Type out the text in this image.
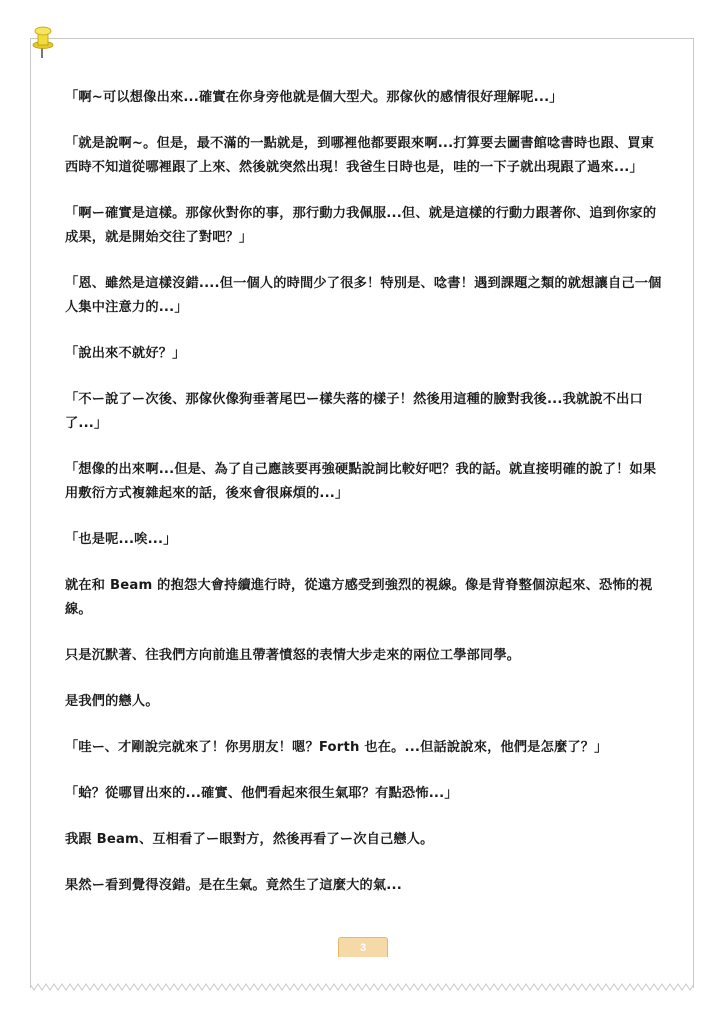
「啊~可以想像出來...確實在你身旁他就是個大型犬。那傢伙的感情很好理解呢...」

「就是說啊~。但是，最不滿的一點就是，到哪裡他都要跟來啊...打算要去圖書館唸書時也跟、買東西時不知道從哪裡跟了上來、然後就突然出現！我爸生日時也是，哇的一下子就出現跟了過來...」

「啊ー確實是這樣。那傢伙對你的事，那行動力我佩服...但、就是這樣的行動力跟著你、追到你家的成果，就是開始交往了對吧？」

「恩、雖然是這樣沒錯....但一個人的時間少了很多！特別是、唸書！遇到課題之類的就想讓自己一個人集中注意力的...」

「說出來不就好？」

「不ー說了ー次後、那傢伙像狗垂著尾巴ー樣失落的樣子！然後用這種的臉對我後...我就說不出口了...」

「想像的出來啊...但是、為了自己應該要再強硬點說詞比較好吧？我的話。就直接明確的說了！如果用敷衍方式複雜起來的話，後來會很麻煩的...」

「也是呢...唉...」

就在和 Beam 的抱怨大會持續進行時，從遠方感受到強烈的視線。像是背脊整個涼起來、恐怖的視線。

只是沉默著、往我們方向前進且帶著憤怒的表情大步走來的兩位工學部同學。

是我們的戀人。

「哇ー、才剛說完就來了！你男朋友！嗯？Forth 也在。...但話說說來，他們是怎麼了？」

「蛤？從哪冒出來的...確實、他們看起來很生氣耶？有點恐怖...」

我跟 Beam、互相看了ー眼對方，然後再看了ー次自己戀人。

果然ー看到覺得沒錯。是在生氣。竟然生了這麼大的氣...

3
